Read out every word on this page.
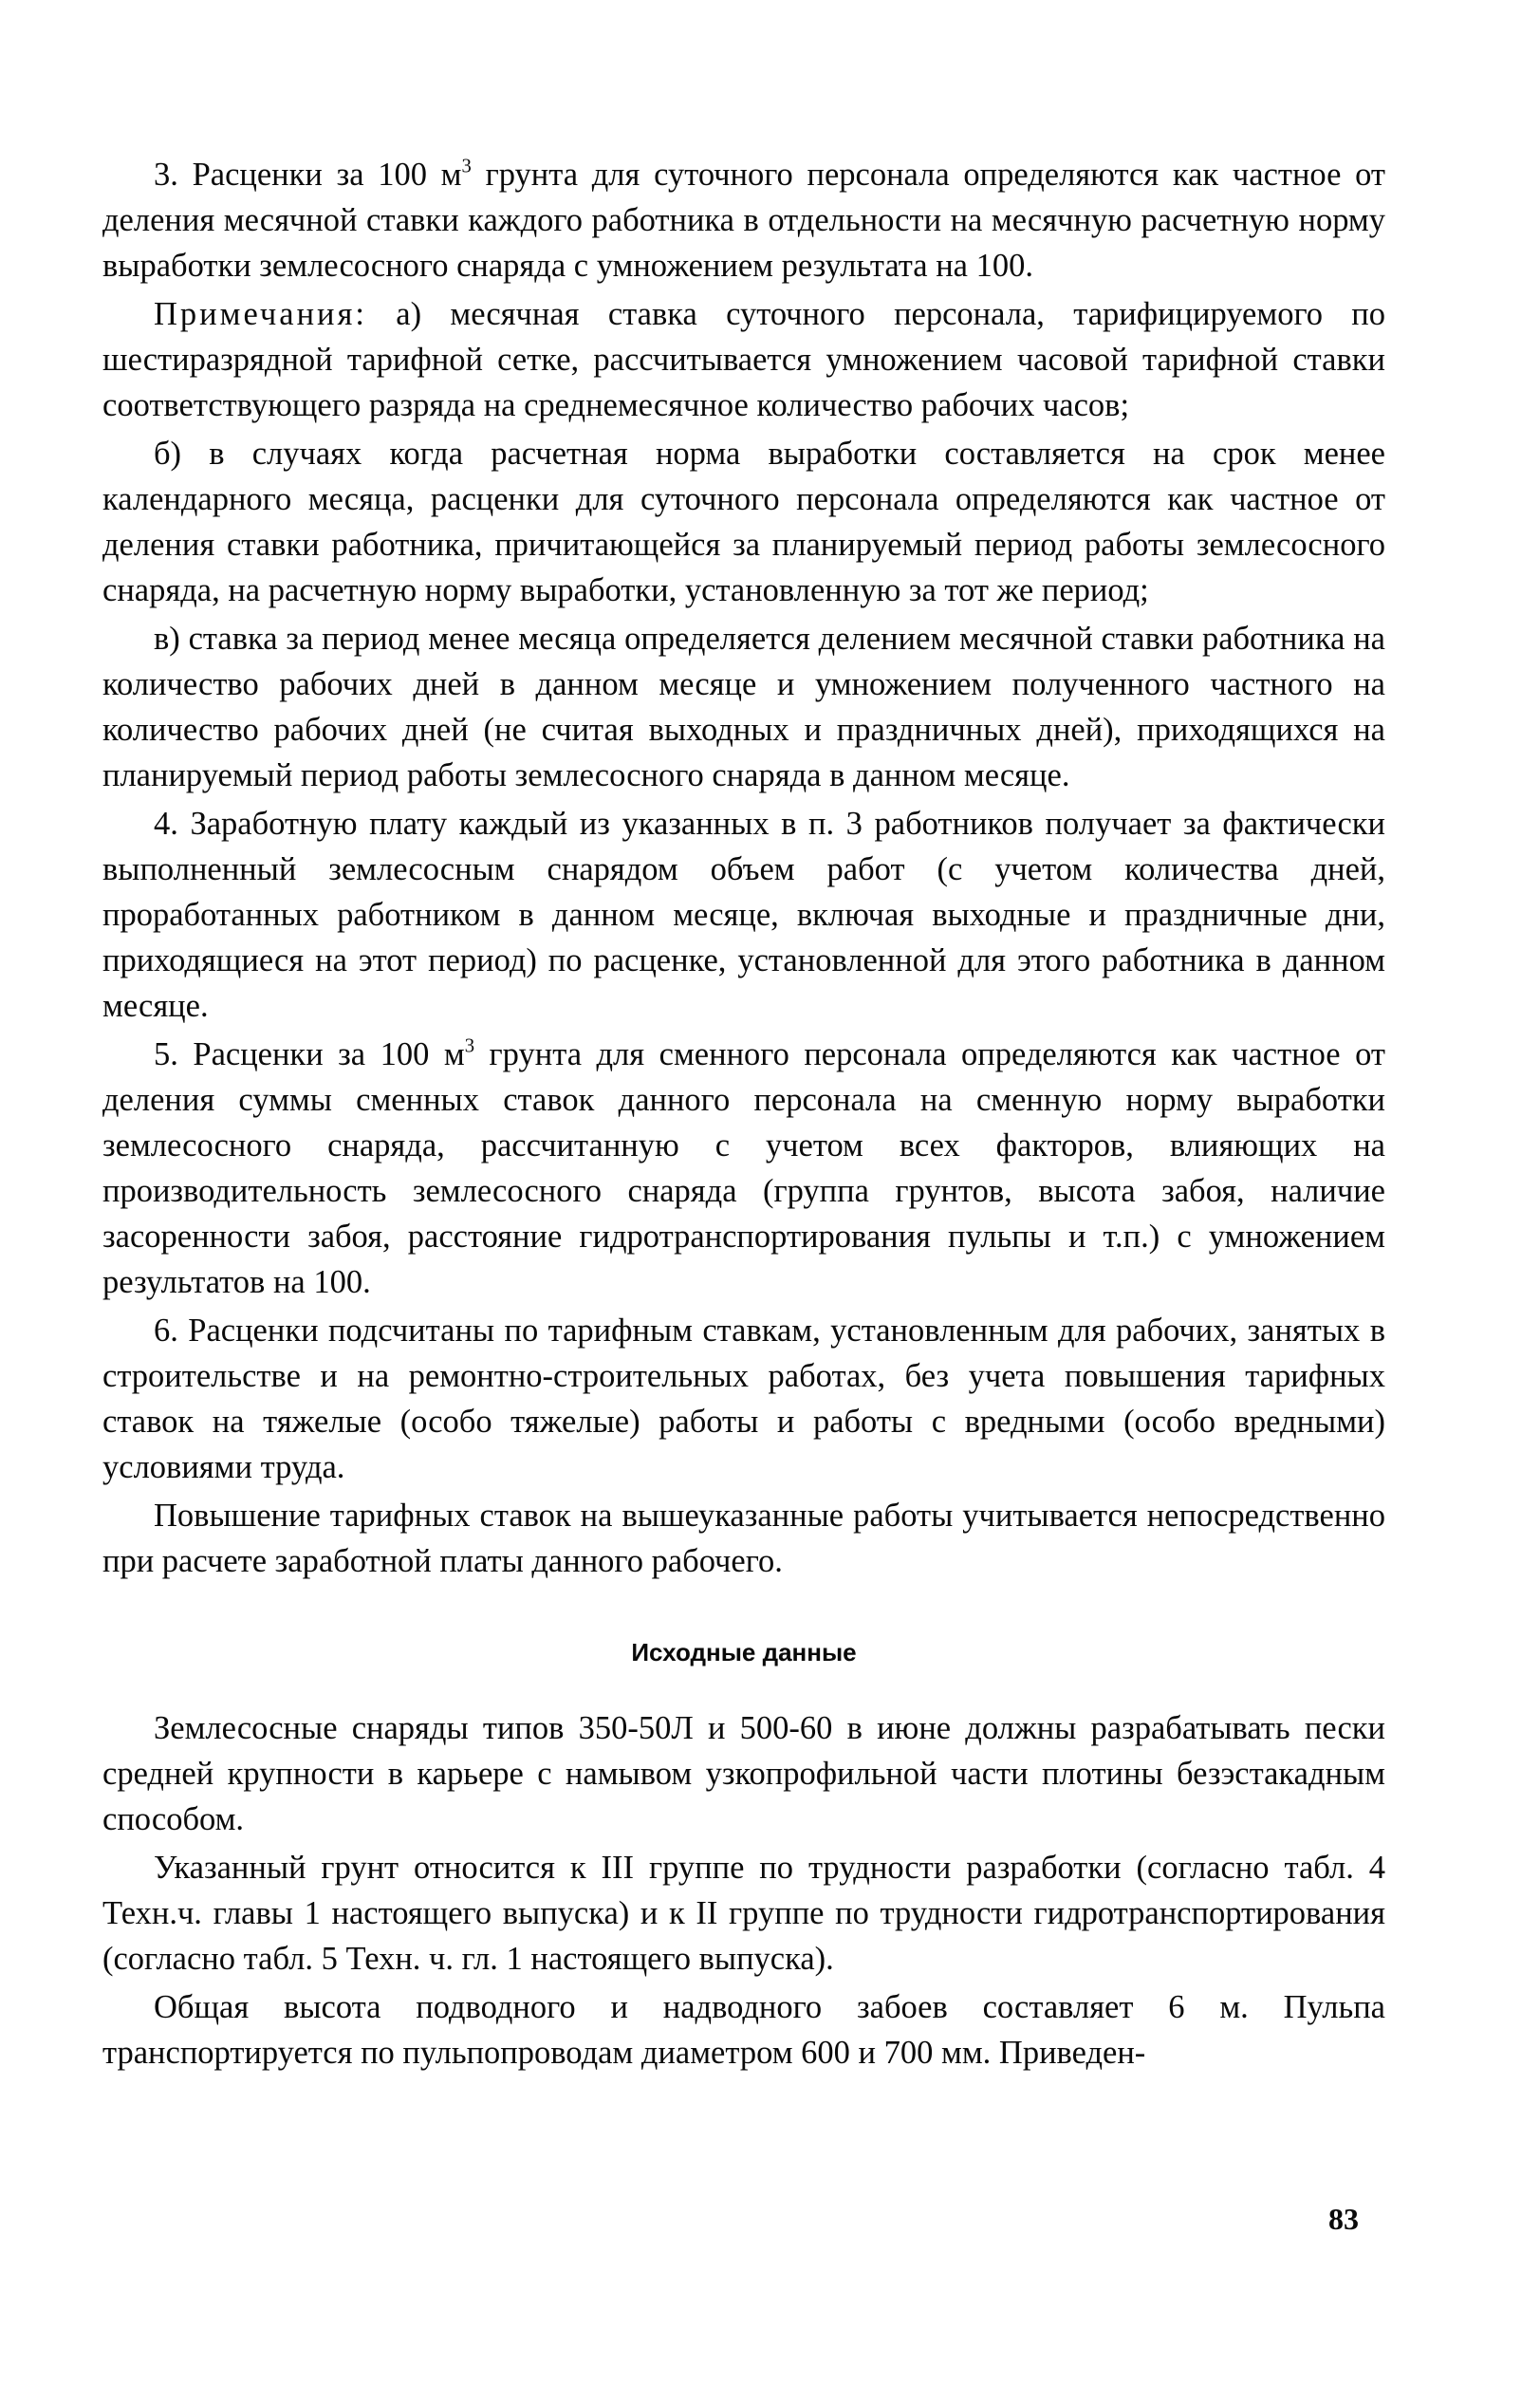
3. Расценки за 100 $м^3$ грунта для суточного персонала определяются как частное от деления месячной ставки каждого работника в отдельности на месячную расчетную норму выработки землесосного снаряда с умножением результата на 100.

Примечания: а) месячная ставка суточного персонала, тарифицируемого по шестиразрядной тарифной сетке, рассчитывается умножением часовой тарифной ставки соответствующего разряда на среднемесячное количество рабочих часов;

б) в случаях когда расчетная норма выработки составляется на срок менее календарного месяца, расценки для суточного персонала определяются как частное от деления ставки работника, причитающейся за планируемый период работы землесосного снаряда, на расчетную норму выработки, установленную за тот же период;

в) ставка за период менее месяца определяется делением месячной ставки работника на количество рабочих дней в данном месяце и умножением полученного частного на количество рабочих дней (не считая выходных и праздничных дней), приходящихся на планируемый период работы землесосного снаряда в данном месяце.

4. Заработную плату каждый из указанных в п. 3 работников получает за фактически выполненный землесосным снарядом объем работ (с учетом количества дней, проработанных работником в данном месяце, включая выходные и праздничные дни, приходящиеся на этот период) по расценке, установленной для этого работника в данном месяце.

5. Расценки за 100 $м^3$ грунта для сменного персонала определяются как частное от деления суммы сменных ставок данного персонала на сменную норму выработки землесосного снаряда, рассчитанную с учетом всех факторов, влияющих на производительность землесосного снаряда (группа грунтов, высота забоя, наличие засоренности забоя, расстояние гидротранспортирования пульпы и т.п.) с умножением результатов на 100.

6. Расценки подсчитаны по тарифным ставкам, установленным для рабочих, занятых в строительстве и на ремонтно-строительных работах, без учета повышения тарифных ставок на тяжелые (особо тяжелые) работы и работы с вредными (особо вредными) условиями труда.

Повышение тарифных ставок на вышеуказанные работы учитывается непосредственно при расчете заработной платы данного рабочего.

Исходные данные

Землесосные снаряды типов 350-50Л и 500-60 в июне должны разрабатывать пески средней крупности в карьере с намывом узкопрофильной части плотины безэстакадным способом.

Указанный грунт относится к III группе по трудности разработки (согласно табл. 4 Техн.ч. главы 1 настоящего выпуска) и к II группе по трудности гидротранспортирования (согласно табл. 5 Техн. ч. гл. 1 настоящего выпуска).

Общая высота подводного и надводного забоев составляет 6 м. Пульпа транспортируется по пульпопроводам диаметром 600 и 700 мм. Приведен-

83
